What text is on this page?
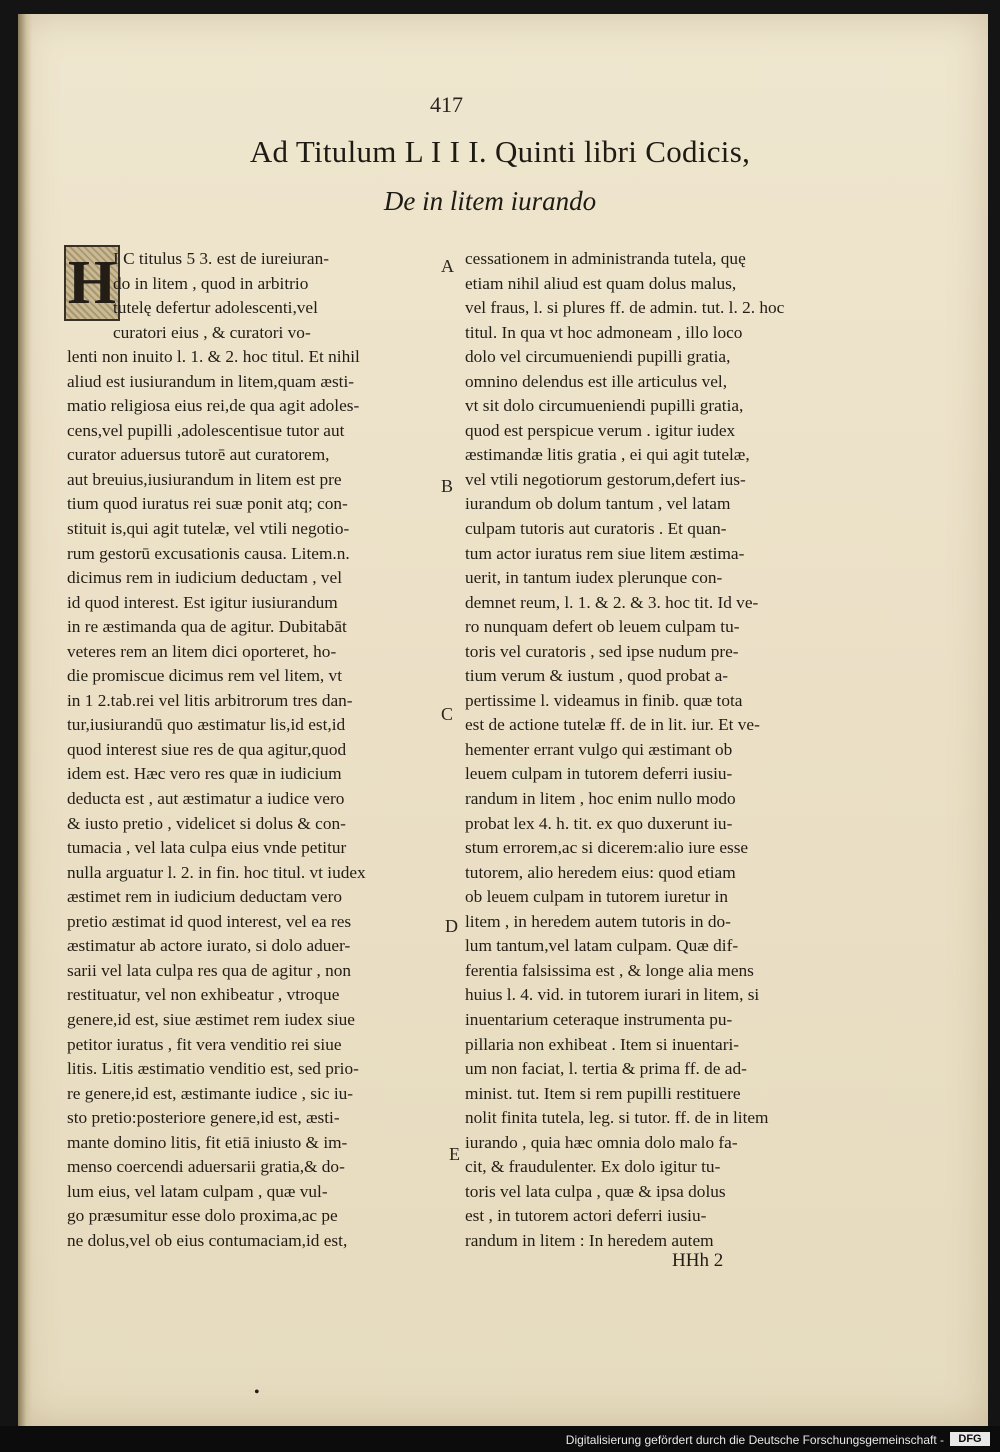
417
Ad Titulum L I I I. Quinti libri Codicis,
De in litem iurando
H
I C titulus 5 3. est de iureiuran-
do in litem , quod in arbitrio
tutelę defertur adolescenti,vel
curatori eius , & curatori vo-
lenti non inuito l. 1. & 2. hoc titul. Et nihil
aliud est iusiurandum in litem,quam æsti-
matio religiosa eius rei,de qua agit adoles-
cens,vel pupilli ,adolescentisue tutor aut
curator aduersus tutorē aut curatorem,
aut breuius,iusiurandum in litem est pre
tium quod iuratus rei suæ ponit atq; con-
stituit is,qui agit tutelæ, vel vtili negotio-
rum gestorū excusationis causa. Litem.n.
dicimus rem in iudicium deductam , vel
id quod interest. Est igitur iusiurandum
in re æstimanda qua de agitur. Dubitabāt
veteres rem an litem dici oporteret, ho-
die promiscue dicimus rem vel litem, vt
in 1 2.tab.rei vel litis arbitrorum tres dan-
tur,iusiurandū quo æstimatur lis,id est,id
quod interest siue res de qua agitur,quod
idem est. Hæc vero res quæ in iudicium
deducta est , aut æstimatur a iudice vero
& iusto pretio , videlicet si dolus & con-
tumacia , vel lata culpa eius vnde petitur
nulla arguatur l. 2. in fin. hoc titul. vt iudex
æstimet rem in iudicium deductam vero
pretio æstimat id quod interest, vel ea res
æstimatur ab actore iurato, si dolo aduer-
sarii vel lata culpa res qua de agitur , non
restituatur, vel non exhibeatur , vtroque
genere,id est, siue æstimet rem iudex siue
petitor iuratus , fit vera venditio rei siue
litis. Litis æstimatio venditio est, sed prio-
re genere,id est, æstimante iudice , sic iu-
sto pretio:posteriore genere,id est, æsti-
mante domino litis, fit etiā iniusto & im-
menso coercendi aduersarii gratia,& do-
lum eius, vel latam culpam , quæ vul-
go præsumitur esse dolo proxima,ac pe
ne dolus,vel ob eius contumaciam,id est,
cessationem in administranda tutela, quę
etiam nihil aliud est quam dolus malus,
vel fraus, l. si plures ff. de admin. tut. l. 2. hoc
titul. In qua vt hoc admoneam , illo loco
dolo vel circumueniendi pupilli gratia,
omnino delendus est ille articulus vel,
vt sit dolo circumueniendi pupilli gratia,
quod est perspicue verum . igitur iudex
æstimandæ litis gratia , ei qui agit tutelæ,
vel vtili negotiorum gestorum,defert ius-
iurandum ob dolum tantum , vel latam
culpam tutoris aut curatoris . Et quan-
tum actor iuratus rem siue litem æstima-
uerit, in tantum iudex plerunque con-
demnet reum, l. 1. & 2. & 3. hoc tit. Id ve-
ro nunquam defert ob leuem culpam tu-
toris vel curatoris , sed ipse nudum pre-
tium verum & iustum , quod probat a-
pertissime l. videamus in finib. quæ tota
est de actione tutelæ ff. de in lit. iur. Et ve-
hementer errant vulgo qui æstimant ob
leuem culpam in tutorem deferri iusiu-
randum in litem , hoc enim nullo modo
probat lex 4. h. tit. ex quo duxerunt iu-
stum errorem,ac si dicerem:alio iure esse
tutorem, alio heredem eius: quod etiam
ob leuem culpam in tutorem iuretur in
litem , in heredem autem tutoris in do-
lum tantum,vel latam culpam. Quæ dif-
ferentia falsissima est , & longe alia mens
huius l. 4. vid. in tutorem iurari in litem, si
inuentarium ceteraque instrumenta pu-
pillaria non exhibeat . Item si inuentari-
um non faciat, l. tertia & prima ff. de ad-
minist. tut. Item si rem pupilli restituere
nolit finita tutela, leg. si tutor. ff. de in litem
iurando , quia hæc omnia dolo malo fa-
cit, & fraudulenter. Ex dolo igitur tu-
toris vel lata culpa , quæ & ipsa dolus
est , in tutorem actori deferri iusiu-
randum in litem : In heredem autem
A
B
C
D
E
HHh 2
•
Digitalisierung gefördert durch die Deutsche Forschungsgemeinschaft -	DFG
